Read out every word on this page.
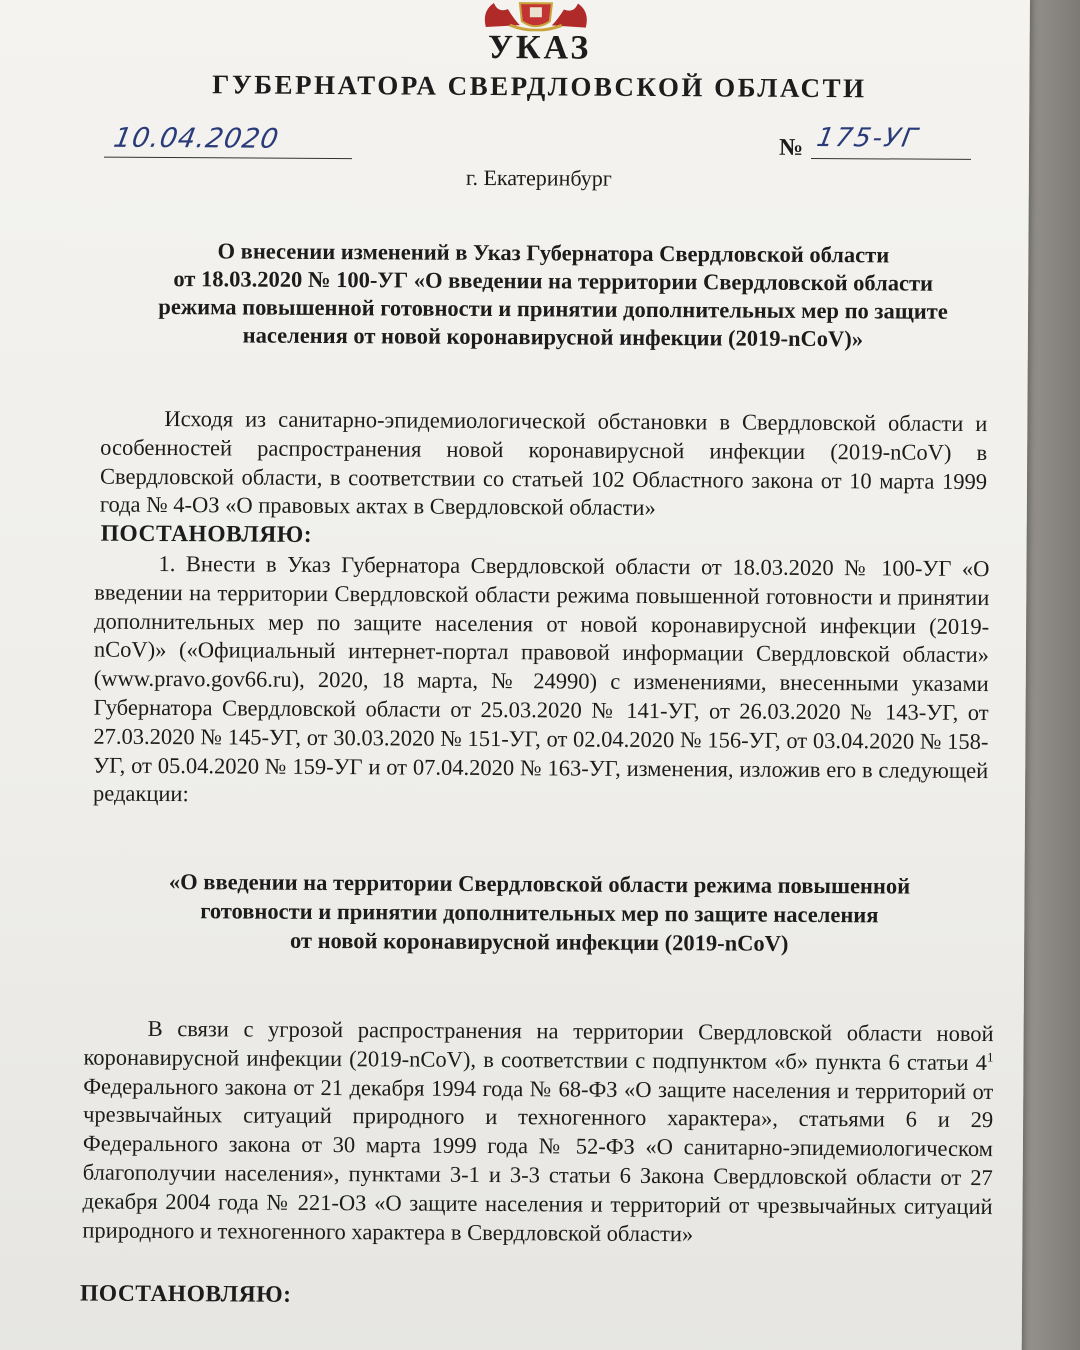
УКАЗ
ГУБЕРНАТОРА СВЕРДЛОВСКОЙ ОБЛАСТИ
10.04.2020	№ 175-УГ
г. Екатеринбург
О внесении изменений в Указ Губернатора Свердловской области
от 18.03.2020 № 100-УГ «О введении на территории Свердловской области
режима повышенной готовности и принятии дополнительных мер по защите
населения от новой коронавирусной инфекции (2019-nCoV)»
Исходя из санитарно-эпидемиологической обстановки в Свердловской области и особенностей распространения новой коронавирусной инфекции (2019-nCoV) в Свердловской области, в соответствии со статьей 102 Областного закона от 10 марта 1999 года № 4-ОЗ «О правовых актах в Свердловской области»
ПОСТАНОВЛЯЮ:
1. Внести в Указ Губернатора Свердловской области от 18.03.2020 № 100-УГ «О введении на территории Свердловской области режима повышенной готовности и принятии дополнительных мер по защите населения от новой коронавирусной инфекции (2019-nCoV)» («Официальный интернет-портал правовой информации Свердловской области» (www.pravo.gov66.ru), 2020, 18 марта, № 24990) с изменениями, внесенными указами Губернатора Свердловской области от 25.03.2020 № 141-УГ, от 26.03.2020 № 143-УГ, от 27.03.2020 № 145-УГ, от 30.03.2020 № 151-УГ, от 02.04.2020 № 156-УГ, от 03.04.2020 № 158-УГ, от 05.04.2020 № 159-УГ и от 07.04.2020 № 163-УГ, изменения, изложив его в следующей редакции:
«О введении на территории Свердловской области режима повышенной
готовности и принятии дополнительных мер по защите населения
от новой коронавирусной инфекции (2019-nCoV)
В связи с угрозой распространения на территории Свердловской области новой коронавирусной инфекции (2019-nCoV), в соответствии с подпунктом «б» пункта 6 статьи $4^1$ Федерального закона от 21 декабря 1994 года № 68-ФЗ «О защите населения и территорий от чрезвычайных ситуаций природного и техногенного характера», статьями 6 и 29 Федерального закона от 30 марта 1999 года № 52-ФЗ «О санитарно-эпидемиологическом благополучии населения», пунктами 3-1 и 3-3 статьи 6 Закона Свердловской области от 27 декабря 2004 года № 221-ОЗ «О защите населения и территорий от чрезвычайных ситуаций природного и техногенного характера в Свердловской области»
ПОСТАНОВЛЯЮ:
